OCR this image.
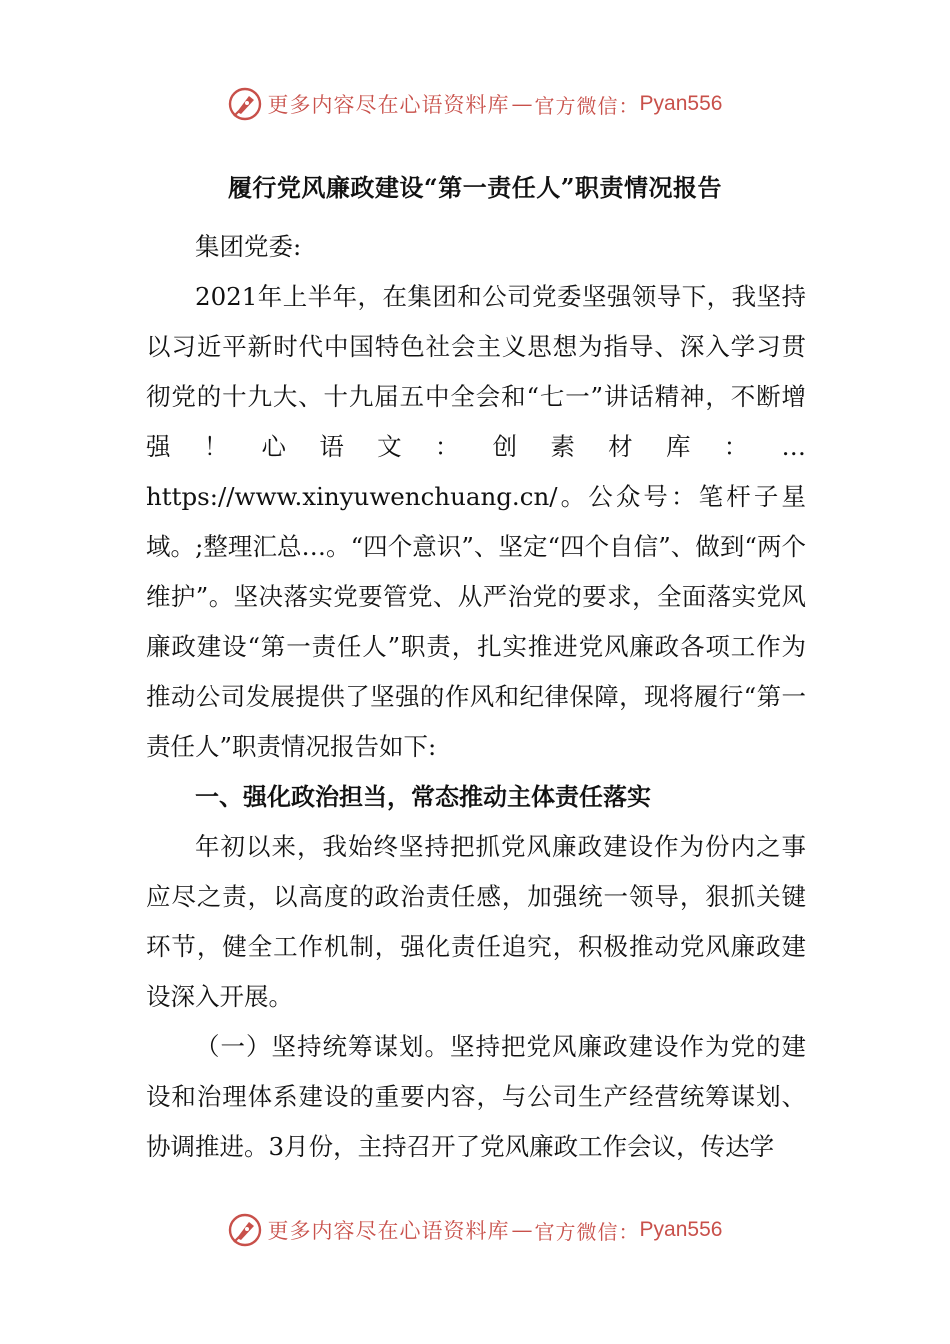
更多内容尽在心语资料库 — 官方微信： Pyan556
履行党风廉政建设“第一责任人”职责情况报告

集团党委:

2021年上半年，在集团和公司党委坚强领导下，我坚持以习近平新时代中国特色社会主义思想为指导、深入学习贯彻党的十九大、十九届五中全会和“七一”讲话精神，不断增强！心语文：创素材库：…https://www.xinyuwenchuang.cn/。公众号：笔杆子星域。;整理汇总…。“四个意识”、坚定“四个自信”、做到“两个维护”。坚决落实党要管党、从严治党的要求，全面落实党风廉政建设“第一责任人”职责，扎实推进党风廉政各项工作为推动公司发展提供了坚强的作风和纪律保障，现将履行“第一责任人”职责情况报告如下:

一、强化政治担当，常态推动主体责任落实

年初以来，我始终坚持把抓党风廉政建设作为份内之事应尽之责，以高度的政治责任感，加强统一领导，狠抓关键环节，健全工作机制，强化责任追究，积极推动党风廉政建设深入开展。

（一）坚持统筹谋划。坚持把党风廉政建设作为党的建设和治理体系建设的重要内容，与公司生产经营统筹谋划、协调推进。3月份，主持召开了党风廉政工作会议，传达学

更多内容尽在心语资料库 — 官方微信： Pyan556
